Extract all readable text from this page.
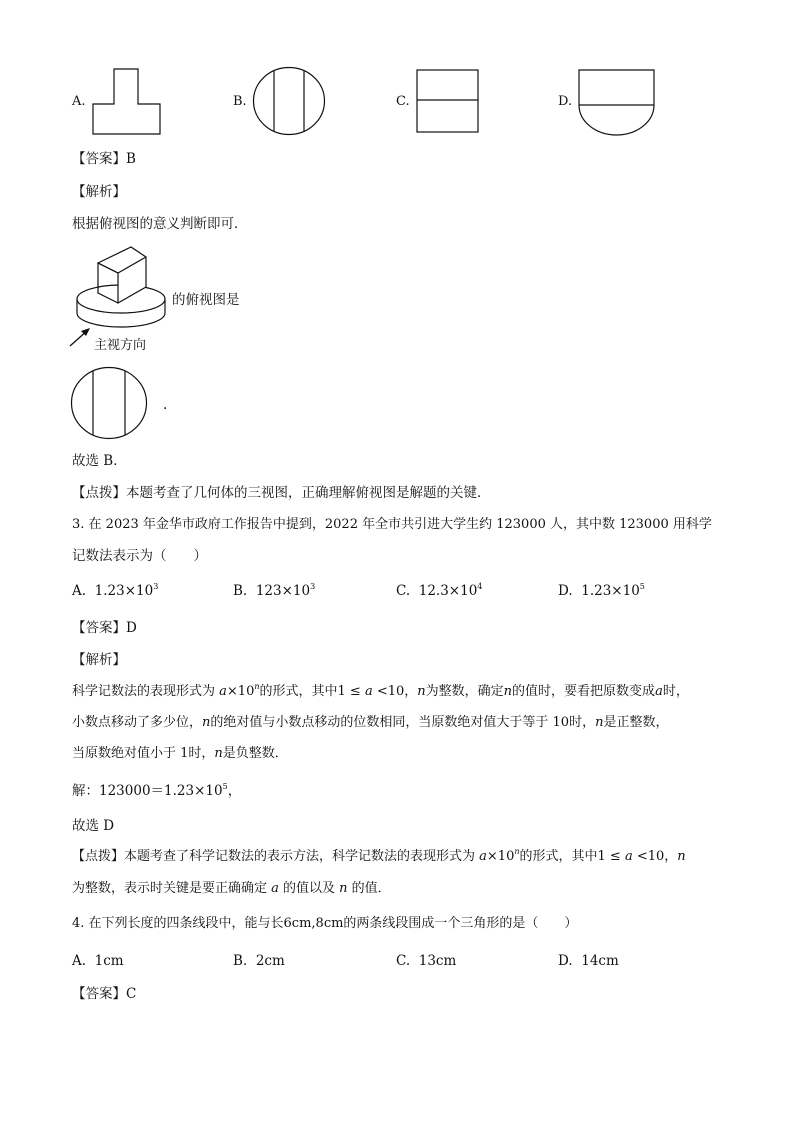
A.	B.	C.	D.
【答案】B
【解析】
根据俯视图的意义判断即可．
的俯视图是
主视方向
.
故选 B．
【点拨】本题考查了几何体的三视图，正确理解俯视图是解题的关键．
3. 在 2023 年金华市政府工作报告中提到，2022 年全市共引进大学生约 123000 人，其中数 123000 用科学
记数法表示为（　　）
A. $1.23\times 10^3$	B. $123\times 10^3$	C. $12.3\times 10^4$	D. $1.23\times 10^5$
【答案】D
【解析】
科学记数法的表现形式为 $a\times 10^n$的形式，其中1 ≤ a <10，n为整数，确定n的值时，要看把原数变成a时，
小数点移动了多少位，n的绝对值与小数点移动的位数相同，当原数绝对值大于等于 10时，n是正整数，
当原数绝对值小于 1时，n是负整数．
解：$123000=1.23\times 10^5$，
故选 D
【点拨】本题考查了科学记数法的表示方法，科学记数法的表现形式为 $a\times 10^n$的形式，其中1 ≤ a <10，n
为整数，表示时关键是要正确确定 a 的值以及 n 的值．
4. 在下列长度的四条线段中，能与长6cm,8cm的两条线段围成一个三角形的是（　　）
A. 1cm	B. 2cm	C. 13cm	D. 14cm
【答案】C
